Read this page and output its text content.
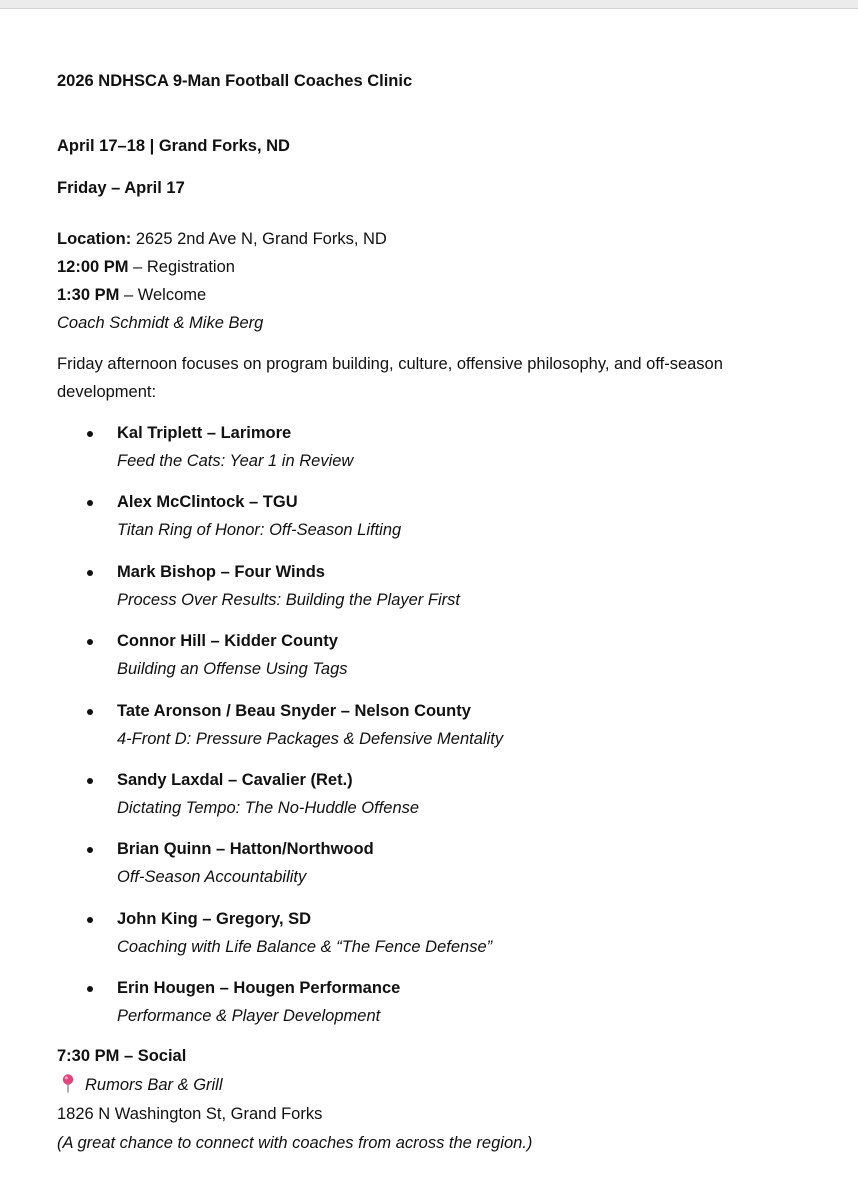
2026 NDHSCA 9-Man Football Coaches Clinic
April 17–18 | Grand Forks, ND
Friday – April 17
Location: 2625 2nd Ave N, Grand Forks, ND
12:00 PM – Registration
1:30 PM – Welcome
Coach Schmidt & Mike Berg
Friday afternoon focuses on program building, culture, offensive philosophy, and off-season development:
Kal Triplett – Larimore
Feed the Cats: Year 1 in Review
Alex McClintock – TGU
Titan Ring of Honor: Off-Season Lifting
Mark Bishop – Four Winds
Process Over Results: Building the Player First
Connor Hill – Kidder County
Building an Offense Using Tags
Tate Aronson / Beau Snyder – Nelson County
4-Front D: Pressure Packages & Defensive Mentality
Sandy Laxdal – Cavalier (Ret.)
Dictating Tempo: The No-Huddle Offense
Brian Quinn – Hatton/Northwood
Off-Season Accountability
John King – Gregory, SD
Coaching with Life Balance & “The Fence Defense”
Erin Hougen – Hougen Performance
Performance & Player Development
7:30 PM – Social
Rumors Bar & Grill
1826 N Washington St, Grand Forks
(A great chance to connect with coaches from across the region.)
